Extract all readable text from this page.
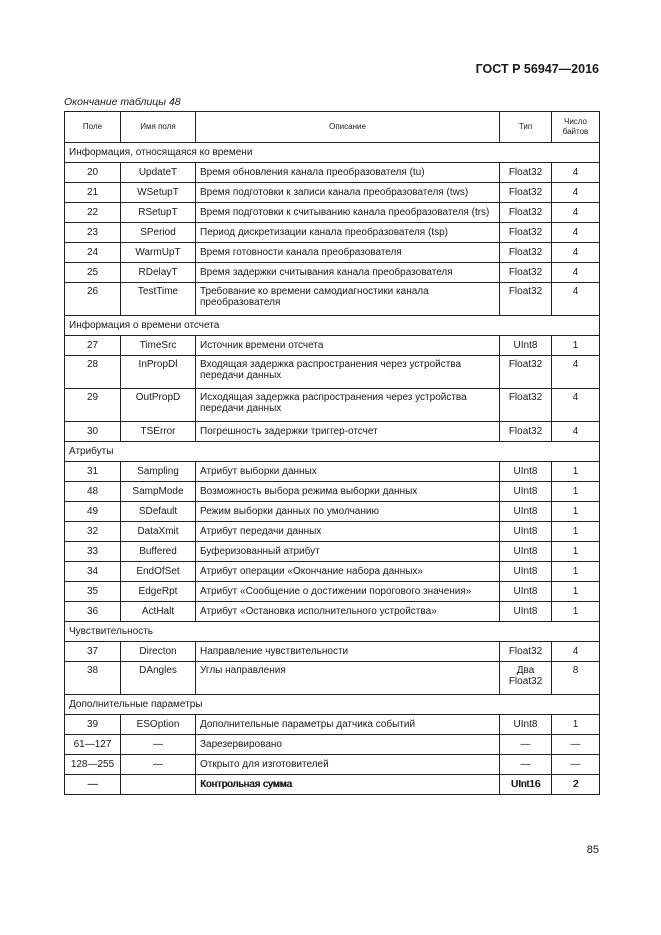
ГОСТ Р 56947—2016
Окончание таблицы 48
Поле	Имя поля	Описание	Тип	Число байтов
Информация, относящаяся ко времени				
20	UpdateT	Время обновления канала преобразователя (tu)	Float32	4
21	WSetupT	Время подготовки к записи канала преобразователя (tws)	Float32	4
22	RSetupT	Время подготовки к считыванию канала преобразователя (trs)	Float32	4
23	SPeriod	Период дискретизации канала преобразователя (tsp)	Float32	4
24	WarmUpT	Время готовности канала преобразователя	Float32	4
25	RDelayT	Время задержки считывания канала преобразователя	Float32	4
26	TestTime	Требование ко времени самодиагностики канала преобразователя	Float32	4
Информация о времени отсчета				
27	TimeSrc	Источник времени отсчета	UInt8	1
28	InPropDl	Входящая задержка распространения через устройства передачи данных	Float32	4
29	OutPropD	Исходящая задержка распространения через устройства передачи данных	Float32	4
30	TSError	Погрешность задержки триггер-отсчет	Float32	4
Атрибуты				
31	Sampling	Атрибут выборки данных	UInt8	1
48	SampMode	Возможность выбора режима выборки данных	UInt8	1
49	SDefault	Режим выборки данных по умолчанию	UInt8	1
32	DataXmit	Атрибут передачи данных	UInt8	1
33	Buffered	Буферизованный атрибут	UInt8	1
34	EndOfSet	Атрибут операции «Окончание набора данных»	UInt8	1
35	EdgeRpt	Атрибут «Сообщение о достижении порогового значения»	UInt8	1
36	ActHalt	Атрибут «Остановка исполнительного устройства»	UInt8	1
Чувствительность				
37	Directon	Направление чувствительности	Float32	4
38	DAngles	Углы направления	Два Float32	8
Дополнительные параметры				
39	ESOption	Дополнительные параметры датчика событий	UInt8	1
61—127	—	Зарезервировано	—	—
128—255	—	Открыто для изготовителей	—	—
—		Контрольная сумма	UInt16	2
85
